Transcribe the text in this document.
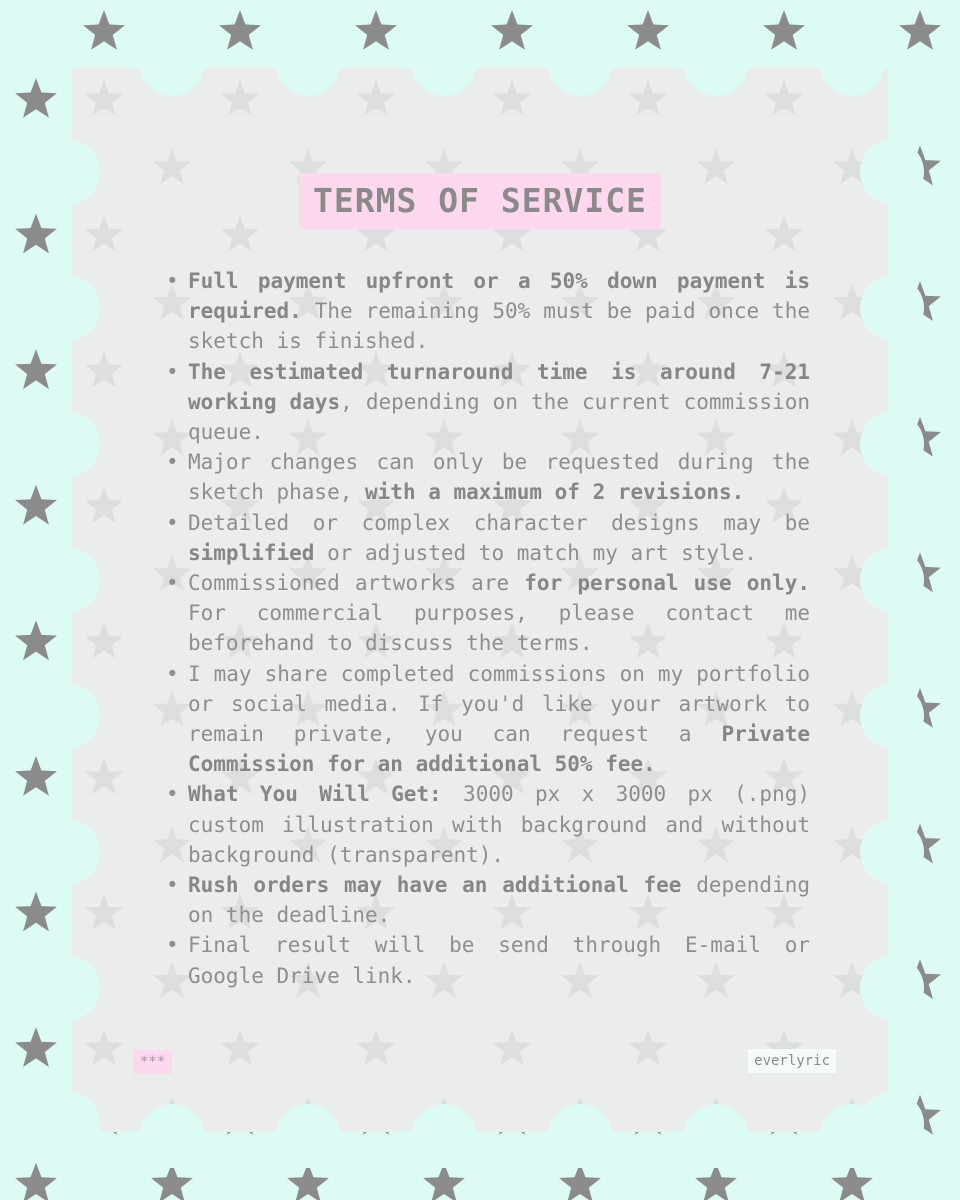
TERMS OF SERVICE
• Full payment upfront or a 50% down payment is required. The remaining 50% must be paid once the sketch is finished.
• The estimated turnaround time is around 7-21 working days, depending on the current commission queue.
• Major changes can only be requested during the sketch phase, with a maximum of 2 revisions.
• Detailed or complex character designs may be simplified or adjusted to match my art style.
• Commissioned artworks are for personal use only. For commercial purposes, please contact me beforehand to discuss the terms.
• I may share completed commissions on my portfolio or social media. If you'd like your artwork to remain private, you can request a Private Commission for an additional 50% fee.
• What You Will Get: 3000 px x 3000 px (.png) custom illustration with background and without background (transparent).
• Rush orders may have an additional fee depending on the deadline.
• Final result will be send through E-mail or Google Drive link.
***	everlyric
